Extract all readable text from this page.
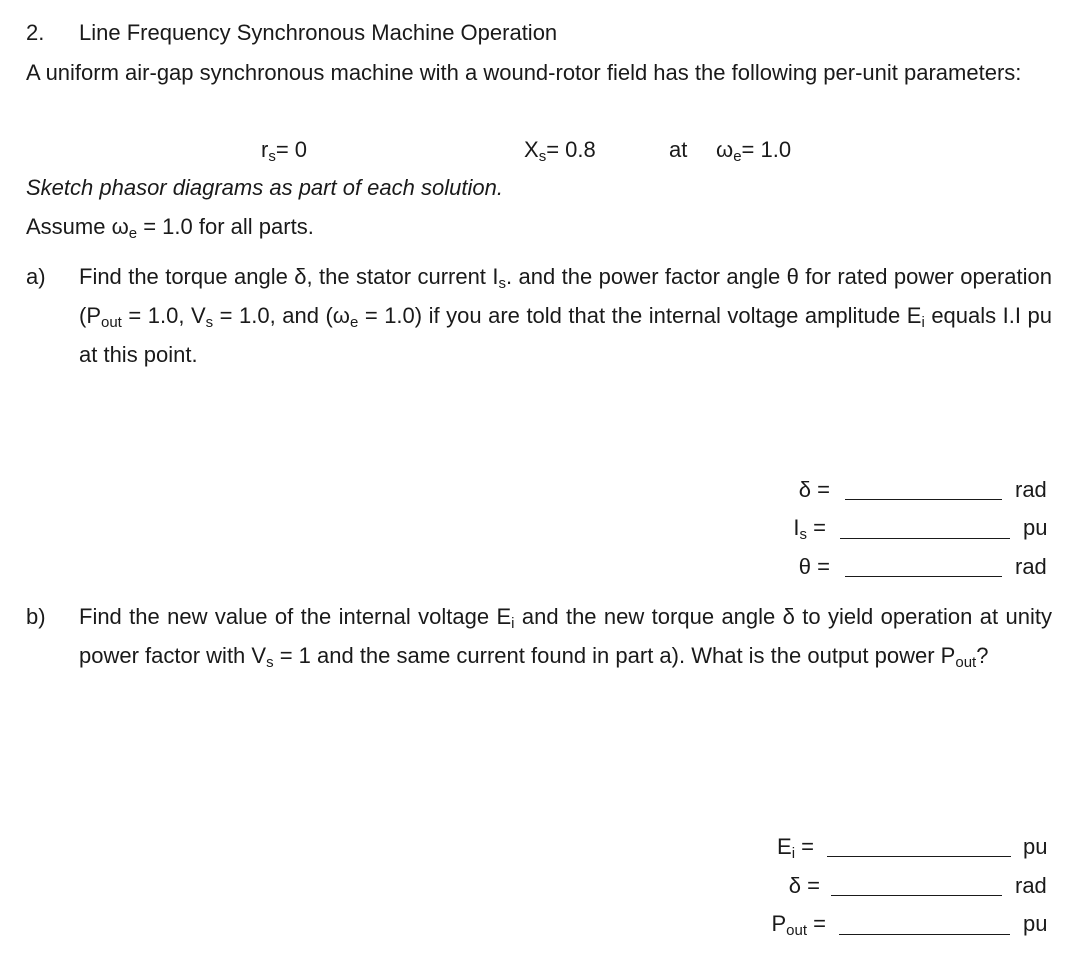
2. Line Frequency Synchronous Machine Operation
A uniform air-gap synchronous machine with a wound-rotor field has the following per-unit parameters:
$r_s= 0$	$X_s= 0.8$	at $\omega_e= 1.0$
Sketch phasor diagrams as part of each solution.
Assume $\omega_e = 1.0$ for all parts.
a) Find the torque angle δ, the stator current $I_s$. and the power factor angle θ for rated power operation ($P_{out} = 1.0$, $V_s = 1.0$, and $(\omega_e = 1.0)$ if you are told that the internal voltage amplitude $E_i$ equals I.I pu at this point.
δ =	rad
$I_s$ =	pu
θ =	rad
b) Find the new value of the internal voltage $E_i$ and the new torque angle δ to yield operation at unity power factor with $V_s = 1$ and the same current found in part a). What is the output power $P_{out}$?
$E_i$ =	pu
δ =	rad
$P_{out}$ =	pu
